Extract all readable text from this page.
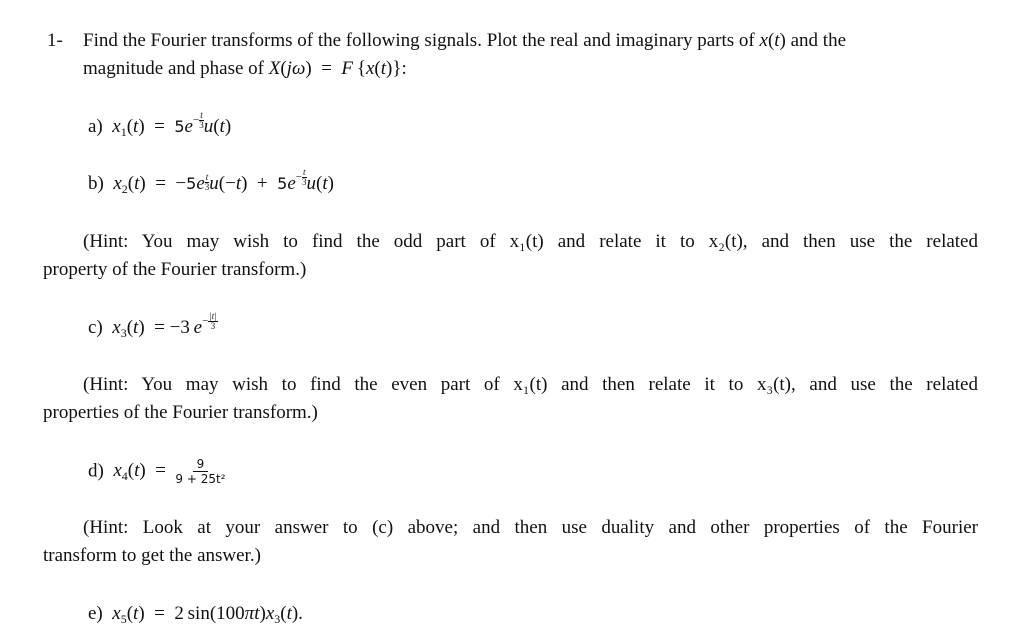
1- Find the Fourier transforms of the following signals. Plot the real and imaginary parts of x(t) and the
magnitude and phase of X(jω)  =  F {x(t)}:
a) $x_1(t) = 5e- \frac{t}{3} u(t)$
b) $x_2(t) = -5e \frac{t}{3} u(-t) + 5e- \frac{t}{3} u(t)$
(Hint: You may wish to find the odd part of x₁(t) and relate it to x₂(t), and then use the related
property of the Fourier transform.)
c) $x_3(t) = -3$ $e- \frac{|t|}{3}$
(Hint: You may wish to find the even part of x₁(t) and then relate it to x₃(t), and use the related
properties of the Fourier transform.)
d) $x_4(t) = \frac{9}{\text{9 + 25t²}}$
(Hint: Look at your answer to (c) above; and then use duality and other properties of the Fourier
transform to get the answer.)
e) $x_5(t) = 2$ $\sin(100\pi t)x_3(t)$.
